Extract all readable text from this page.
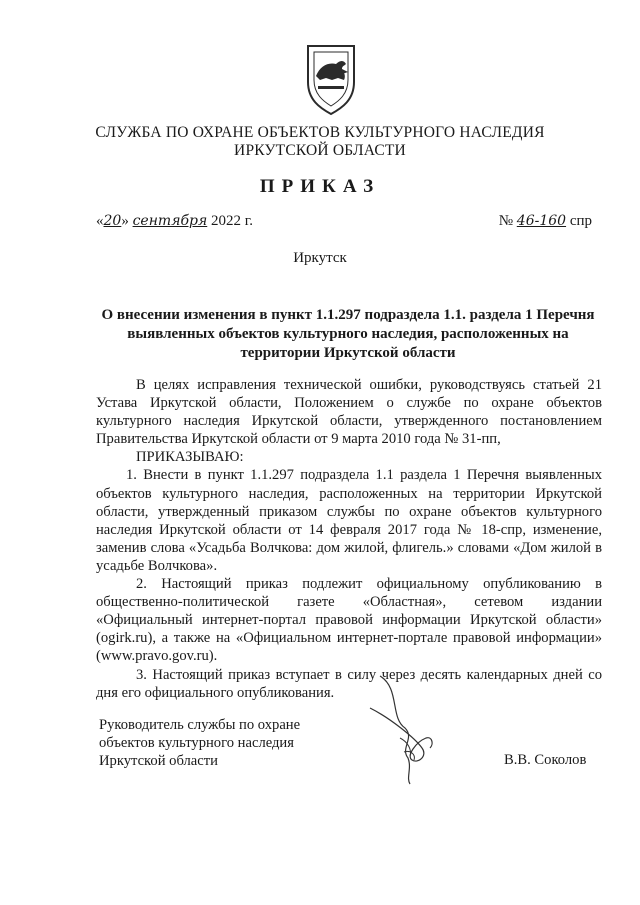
СЛУЖБА ПО ОХРАНЕ ОБЪЕКТОВ КУЛЬТУРНОГО НАСЛЕДИЯ
ИРКУТСКОЙ ОБЛАСТИ
ПРИКАЗ
«20» сентября 2022 г.	№ 46-160 спр
Иркутск
О внесении изменения в пункт 1.1.297 подраздела 1.1. раздела 1 Перечня
выявленных объектов культурного наследия, расположенных на
территории Иркутской области

В целях исправления технической ошибки, руководствуясь статьей 21 Устава Иркутской области, Положением о службе по охране объектов культурного наследия Иркутской области, утвержденного постановлением Правительства Иркутской области от 9 марта 2010 года № 31-пп,

ПРИКАЗЫВАЮ:

1. Внести в пункт 1.1.297 подраздела 1.1 раздела 1 Перечня выявленных объектов культурного наследия, расположенных на территории Иркутской области, утвержденный приказом службы по охране объектов культурного наследия Иркутской области от 14 февраля 2017 года № 18-спр, изменение, заменив слова «Усадьба Волчкова: дом жилой, флигель.» словами «Дом жилой в усадьбе Волчкова».

2. Настоящий приказ подлежит официальному опубликованию в общественно-политической газете «Областная», сетевом издании «Официальный интернет-портал правовой информации Иркутской области» (ogirk.ru), а также на «Официальном интернет-портале правовой информации» (www.pravo.gov.ru).

3. Настоящий приказ вступает в силу через десять календарных дней со дня его официального опубликования.

Руководитель службы по охране
объектов культурного наследия
Иркутской области	В.В. Соколов
